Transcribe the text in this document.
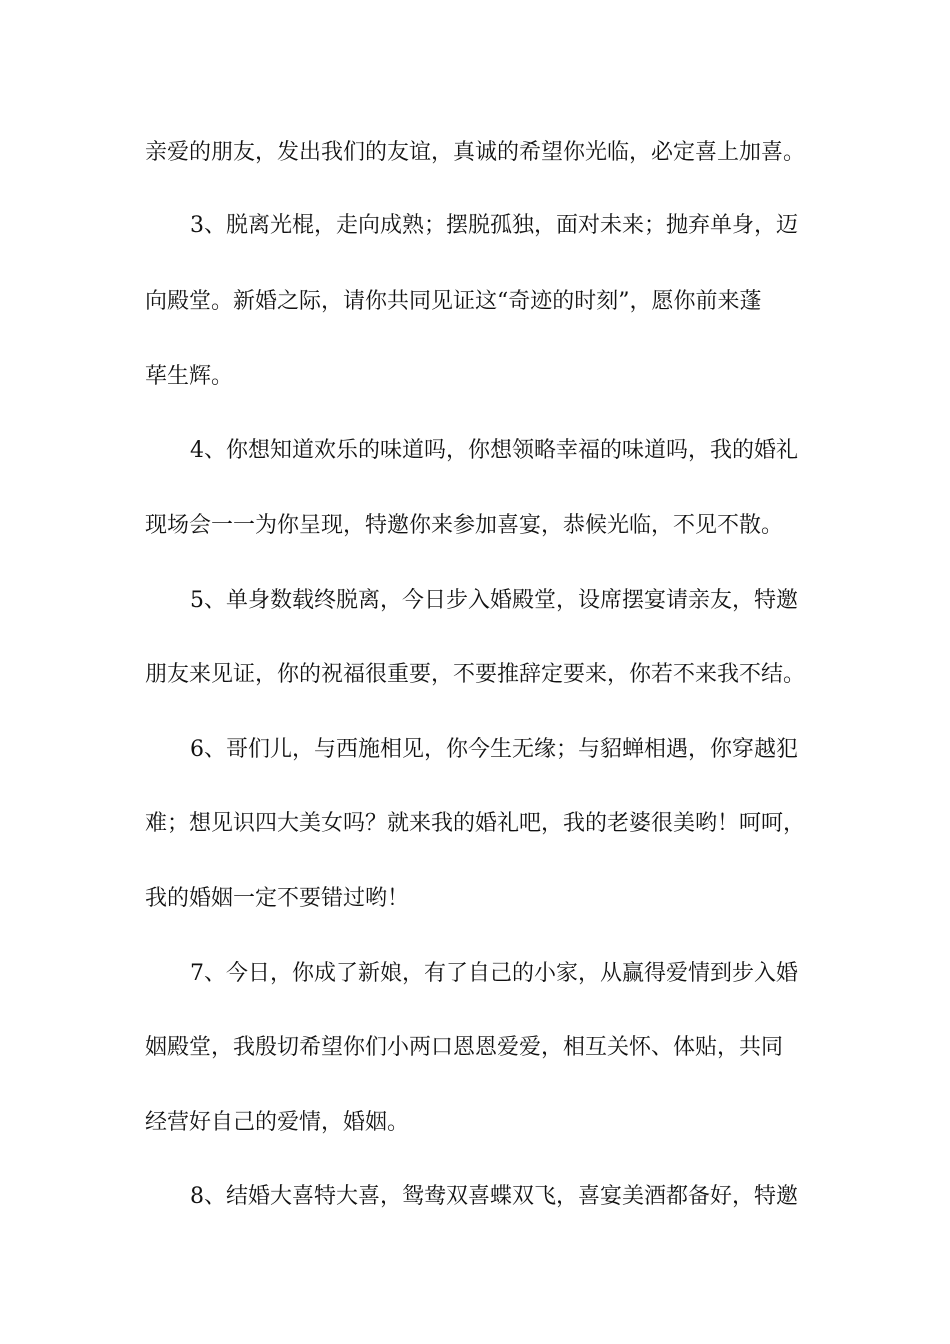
亲爱的朋友，发出我们的友谊，真诚的希望你光临，必定喜上加喜。
3、脱离光棍，走向成熟；摆脱孤独，面对未来；抛弃单身，迈
向殿堂。新婚之际，请你共同见证这“奇迹的时刻”，愿你前来蓬
荜生辉。
4、你想知道欢乐的味道吗，你想领略幸福的味道吗，我的婚礼
现场会一一为你呈现，特邀你来参加喜宴，恭候光临，不见不散。
5、单身数载终脱离，今日步入婚殿堂，设席摆宴请亲友，特邀
朋友来见证，你的祝福很重要，不要推辞定要来，你若不来我不结。
6、哥们儿，与西施相见，你今生无缘；与貂蝉相遇，你穿越犯
难；想见识四大美女吗？就来我的婚礼吧，我的老婆很美哟！呵呵，
我的婚姻一定不要错过哟！
7、今日，你成了新娘，有了自己的小家，从赢得爱情到步入婚
姻殿堂，我殷切希望你们小两口恩恩爱爱，相互关怀、体贴，共同
经营好自己的爱情，婚姻。
8、结婚大喜特大喜，鸳鸯双喜蝶双飞，喜宴美酒都备好，特邀
